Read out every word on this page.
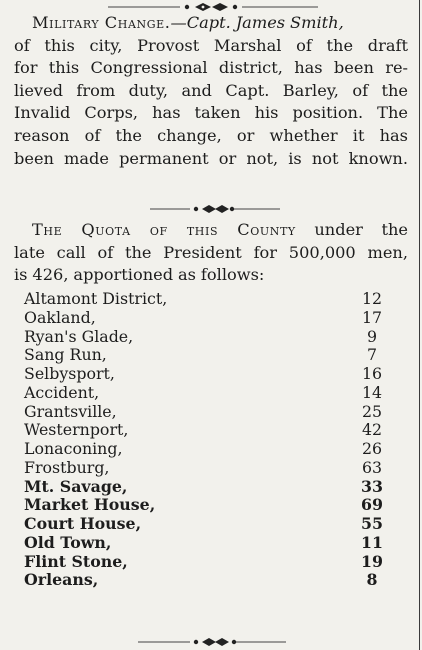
Military Change.—Capt. James Smith,
of this city, Provost Marshal of the draft
for this Congressional district, has been re-
lieved from duty, and Capt. Barley, of the
Invalid Corps, has taken his position. The
reason of the change, or whether it has
been made permanent or not, is not known.
The Quota of this County under the
late call of the President for 500,000 men,
is 426, apportioned as follows:
Altamont District,	12
Oakland,	17
Ryan's Glade,	9
Sang Run,	7
Selbysport,	16
Accident,	14
Grantsville,	25
Westernport,	42
Lonaconing,	26
Frostburg,	63
Mt. Savage,	33
Market House,	69
Court House,	55
Old Town,	11
Flint Stone,	19
Orleans,	8
